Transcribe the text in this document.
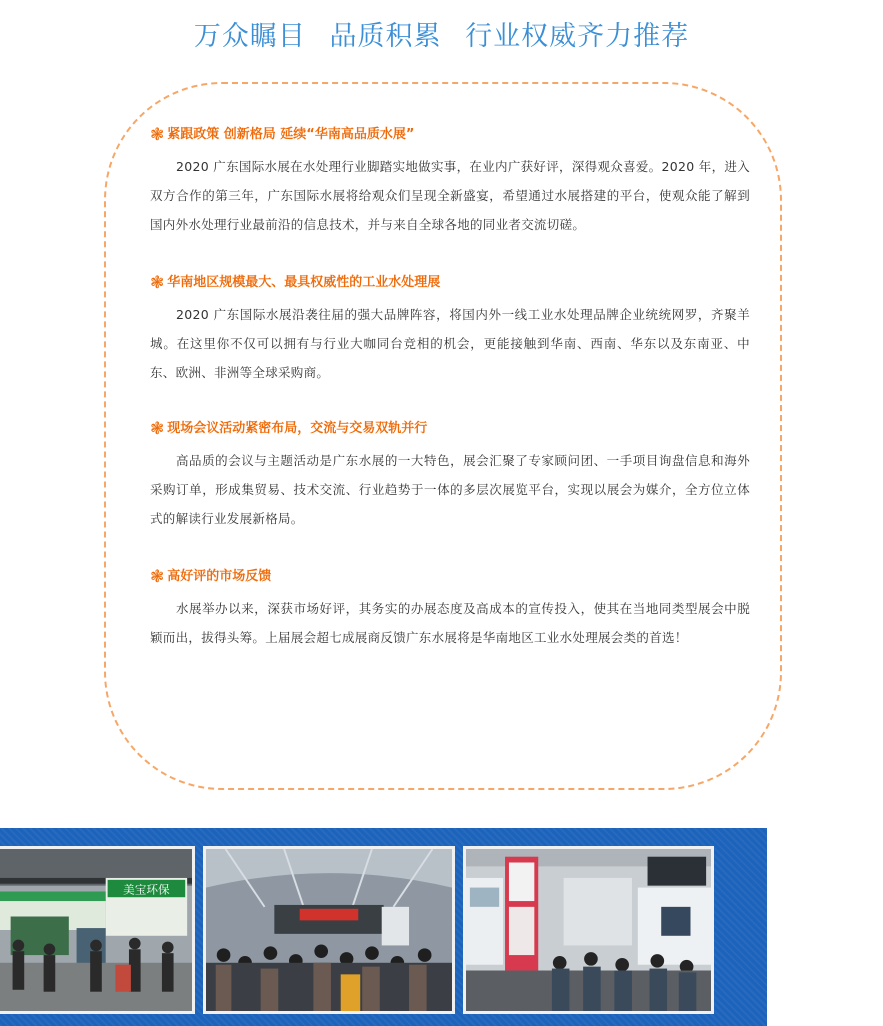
万众瞩目 品质积累 行业权威齐力推荐

❃ 紧跟政策 创新格局 延续“华南高品质水展”

2020 广东国际水展在水处理行业脚踏实地做实事，在业内广获好评，深得观众喜爱。2020 年，进入双方合作的第三年，广东国际水展将给观众们呈现全新盛宴，希望通过水展搭建的平台，使观众能了解到国内外水处理行业最前沿的信息技术，并与来自全球各地的同业者交流切磋。

❃ 华南地区规模最大、最具权威性的工业水处理展

2020 广东国际水展沿袭往届的强大品牌阵容，将国内外一线工业水处理品牌企业统统网罗，齐聚羊城。在这里你不仅可以拥有与行业大咖同台竞相的机会，更能接触到华南、西南、华东以及东南亚、中东、欧洲、非洲等全球采购商。

❃ 现场会议活动紧密布局，交流与交易双轨并行

高品质的会议与主题活动是广东水展的一大特色，展会汇聚了专家顾问团、一手项目询盘信息和海外采购订单，形成集贸易、技术交流、行业趋势于一体的多层次展览平台，实现以展会为媒介，全方位立体式的解读行业发展新格局。

❃ 高好评的市场反馈

水展举办以来，深获市场好评，其务实的办展态度及高成本的宣传投入，使其在当地同类型展会中脱颖而出，拔得头筹。上届展会超七成展商反馈广东水展将是华南地区工业水处理展会类的首选！

美宝环保
